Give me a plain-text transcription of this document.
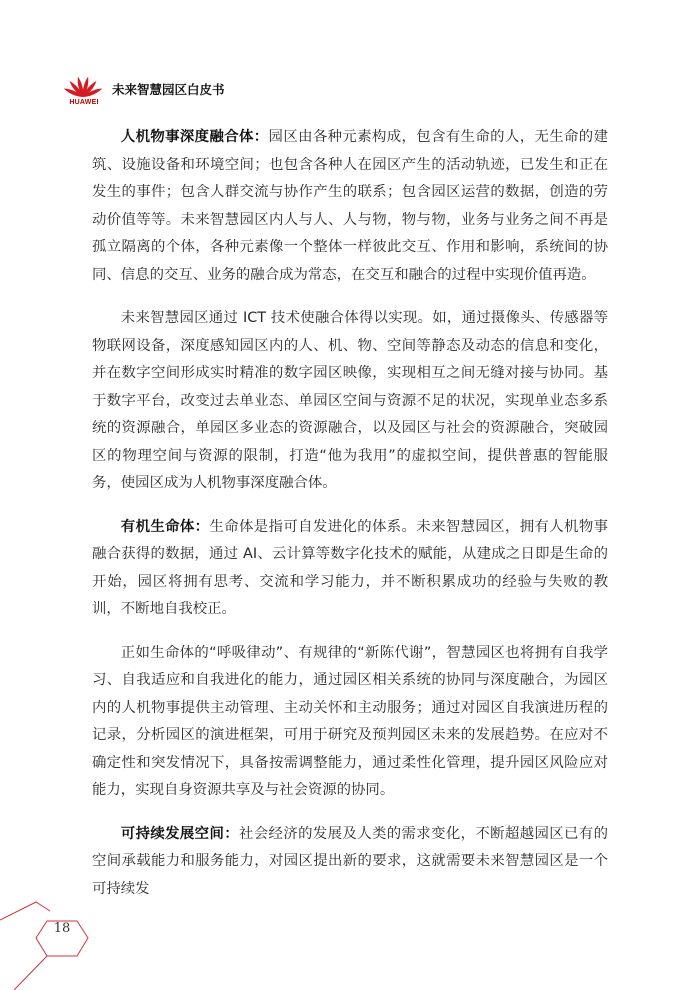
HUAWEI
未来智慧园区白皮书

人机物事深度融合体：园区由各种元素构成，包含有生命的人，无生命的建筑、设施设备和环境空间；也包含各种人在园区产生的活动轨迹，已发生和正在发生的事件；包含人群交流与协作产生的联系；包含园区运营的数据，创造的劳动价值等等。未来智慧园区内人与人、人与物，物与物，业务与业务之间不再是孤立隔离的个体，各种元素像一个整体一样彼此交互、作用和影响，系统间的协同、信息的交互、业务的融合成为常态，在交互和融合的过程中实现价值再造。

未来智慧园区通过 ICT 技术使融合体得以实现。如，通过摄像头、传感器等物联网设备，深度感知园区内的人、机、物、空间等静态及动态的信息和变化，并在数字空间形成实时精准的数字园区映像，实现相互之间无缝对接与协同。基于数字平台，改变过去单业态、单园区空间与资源不足的状况，实现单业态多系统的资源融合，单园区多业态的资源融合，以及园区与社会的资源融合，突破园区的物理空间与资源的限制，打造“他为我用”的虚拟空间，提供普惠的智能服务，使园区成为人机物事深度融合体。

有机生命体：生命体是指可自发进化的体系。未来智慧园区，拥有人机物事融合获得的数据，通过 AI、云计算等数字化技术的赋能，从建成之日即是生命的开始，园区将拥有思考、交流和学习能力，并不断积累成功的经验与失败的教训，不断地自我校正。

正如生命体的“呼吸律动”、有规律的“新陈代谢”，智慧园区也将拥有自我学习、自我适应和自我进化的能力，通过园区相关系统的协同与深度融合，为园区内的人机物事提供主动管理、主动关怀和主动服务；通过对园区自我演进历程的记录，分析园区的演进框架，可用于研究及预判园区未来的发展趋势。在应对不确定性和突发情况下，具备按需调整能力，通过柔性化管理，提升园区风险应对能力，实现自身资源共享及与社会资源的协同。

可持续发展空间：社会经济的发展及人类的需求变化，不断超越园区已有的空间承载能力和服务能力，对园区提出新的要求，这就需要未来智慧园区是一个可持续发

18
